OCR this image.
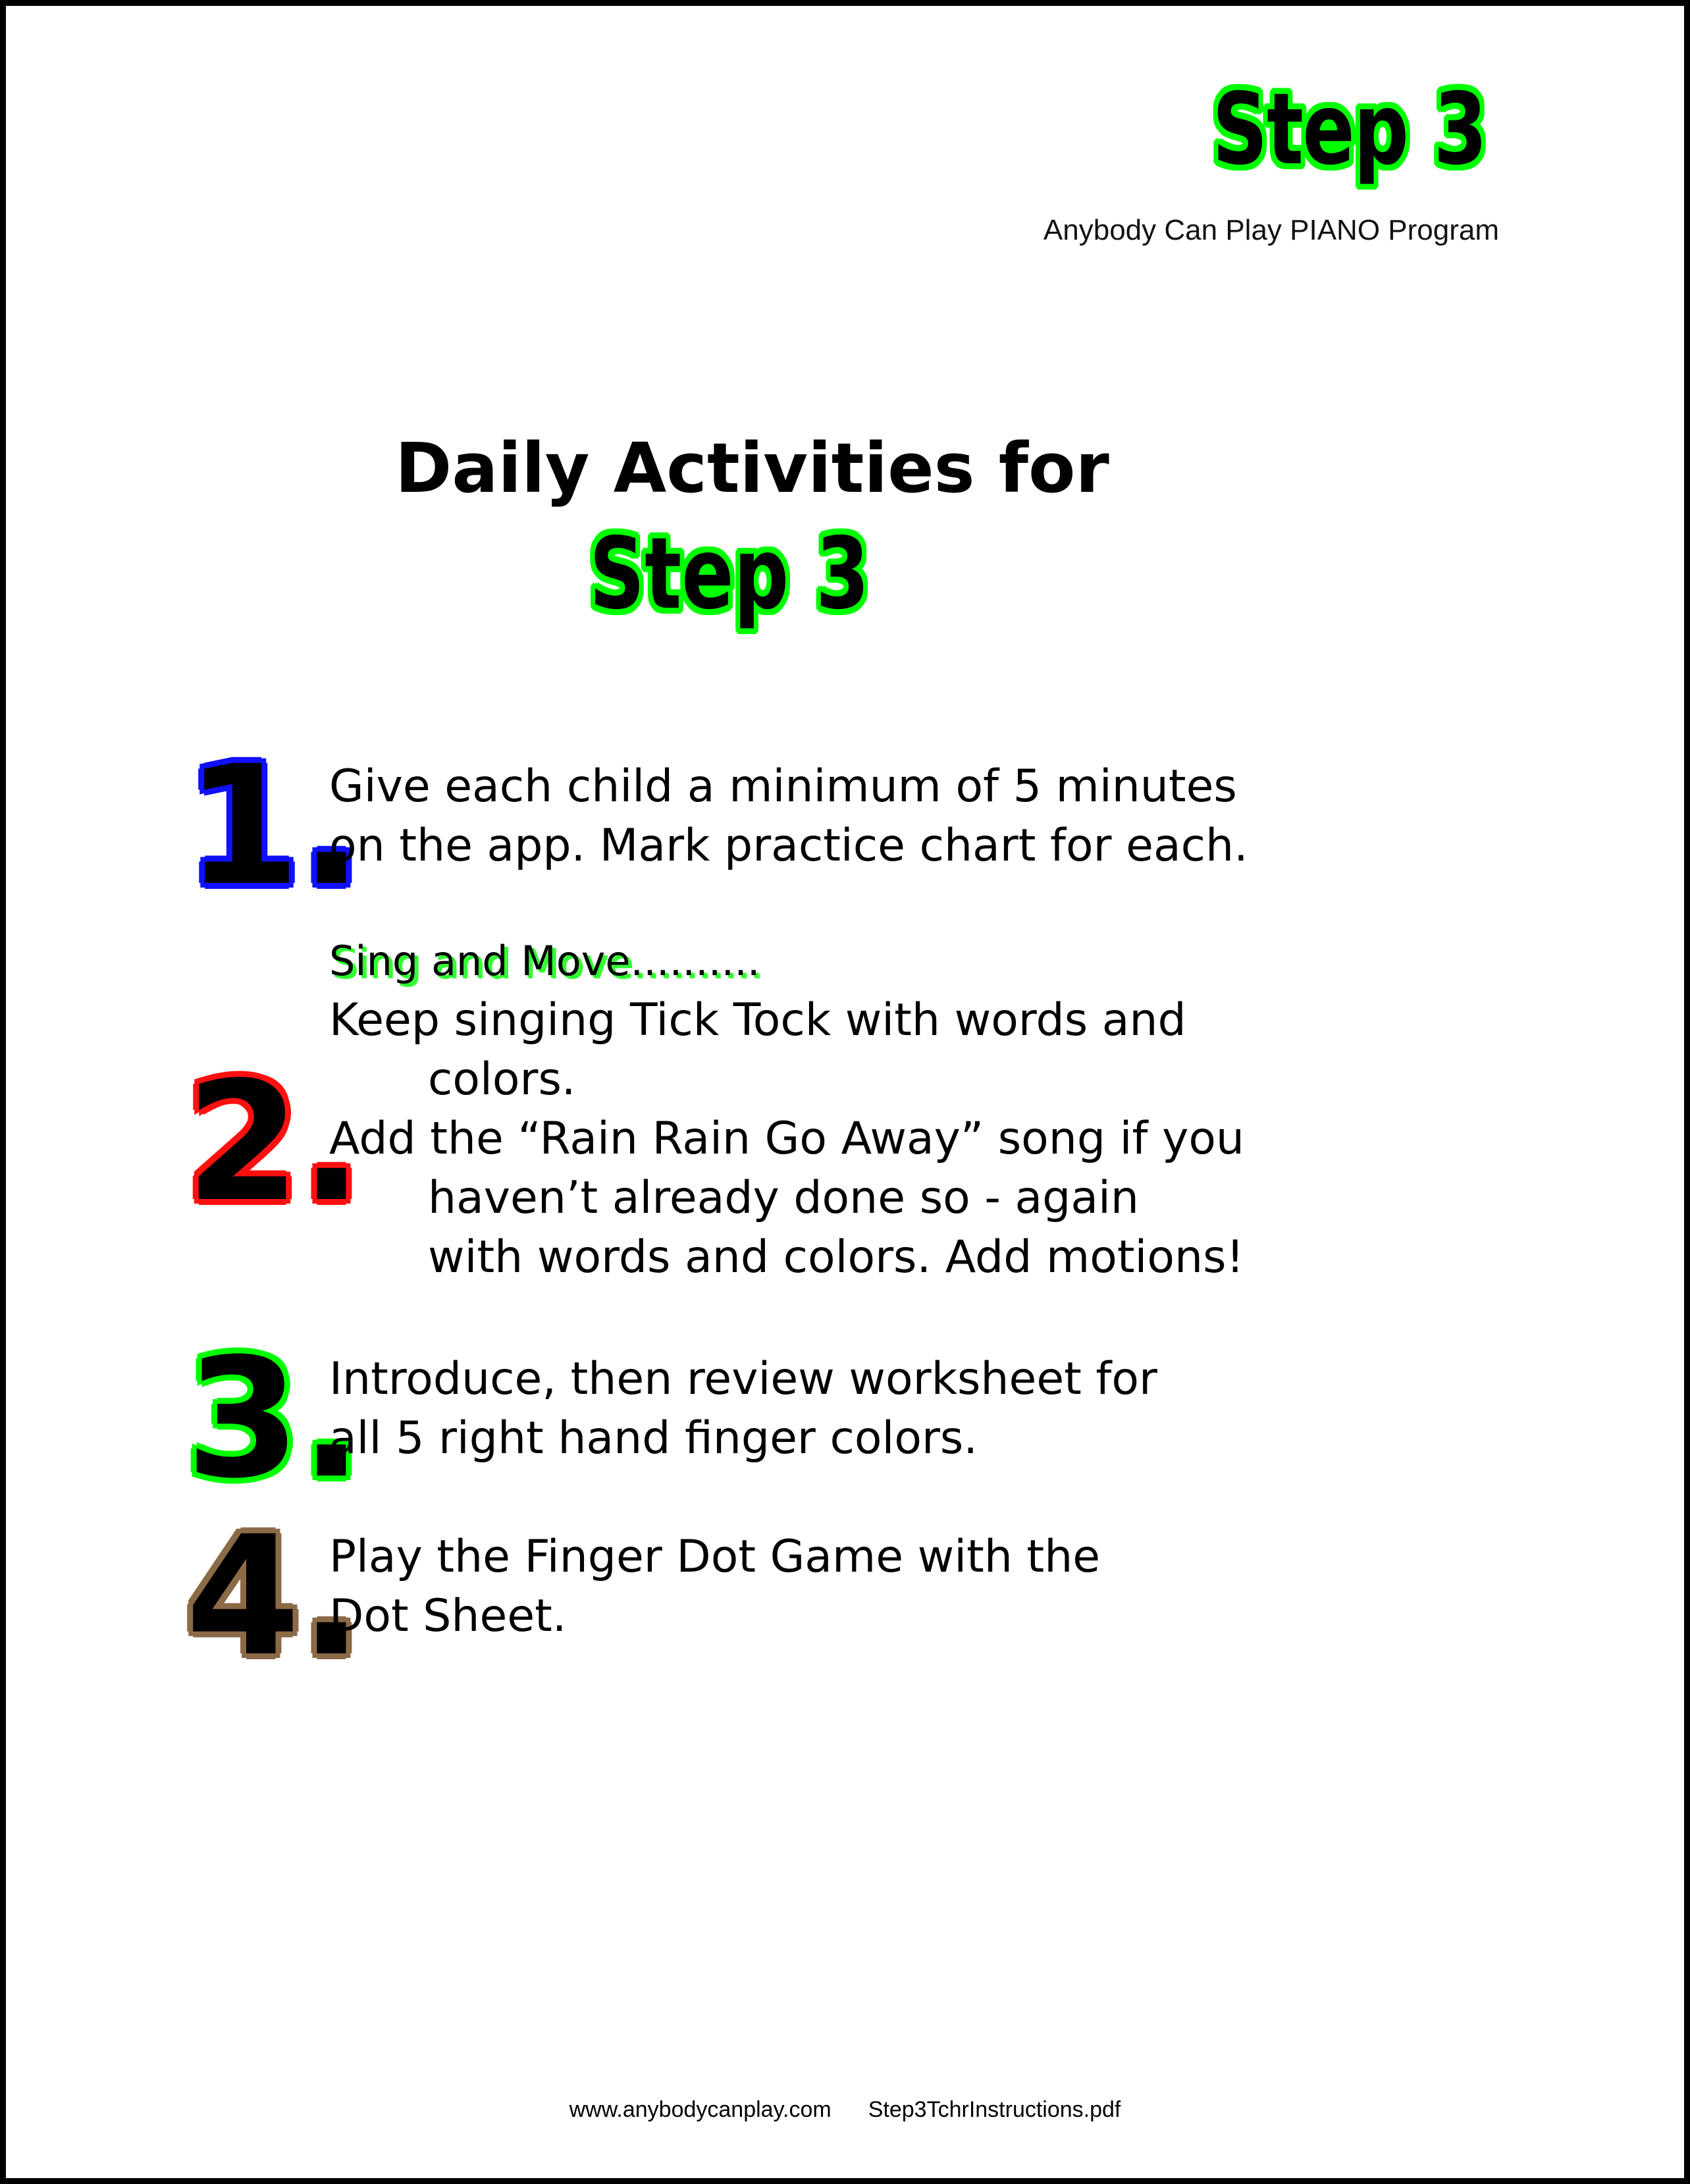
Step 3
Anybody Can Play PIANO Program
Daily Activities for
Step 3
1.
Give each child a minimum of 5 minutes
on the app. Mark practice chart for each.
2.
Sing and Move..........
Keep singing Tick Tock with words and
colors.
Add the “Rain Rain Go Away” song if you
haven’t already done so - again
with words and colors. Add motions!
3.
Introduce, then review worksheet for
all 5 right hand finger colors.
4.
Play the Finger Dot Game with the
Dot Sheet.
www.anybodycanplay.com Step3TchrInstructions.pdf
